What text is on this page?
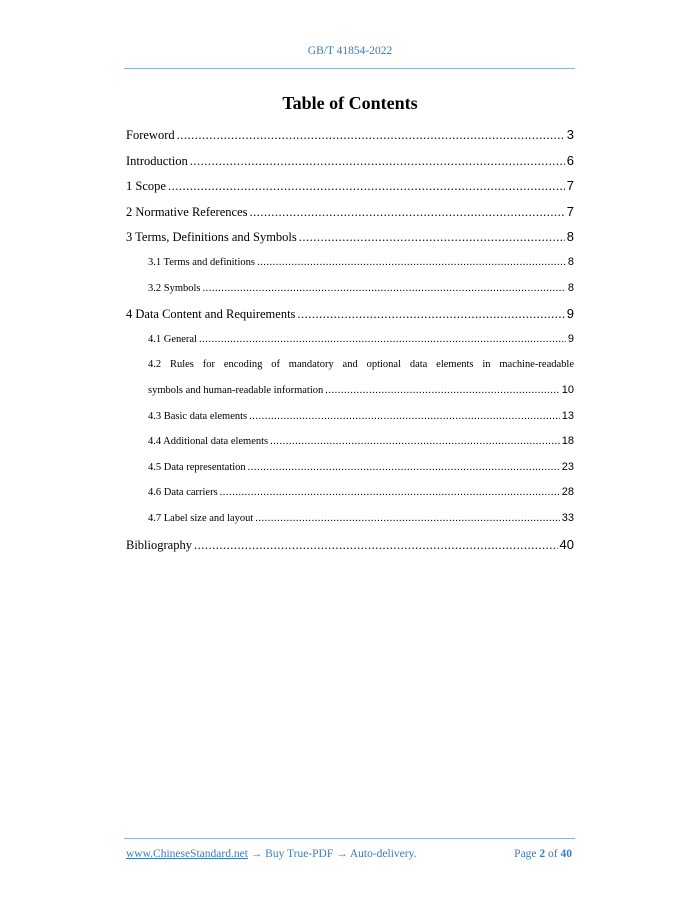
GB/T 41854-2022
Table of Contents
Foreword .....	3
Introduction .....	6
1 Scope .....	7
2 Normative References .....	7
3 Terms, Definitions and Symbols .....	8
3.1 Terms and definitions .....	8
3.2 Symbols .....	8
4 Data Content and Requirements .....	9
4.1 General .....	9
4.2 Rules for encoding of mandatory and optional data elements in machine-readable
symbols and human-readable information .....	10
4.3 Basic data elements .....	13
4.4 Additional data elements .....	18
4.5 Data representation .....	23
4.6 Data carriers .....	28
4.7 Label size and layout .....	33
Bibliography .....	40
www.ChineseStandard.net → Buy True-PDF → Auto-delivery.	Page 2 of 40
